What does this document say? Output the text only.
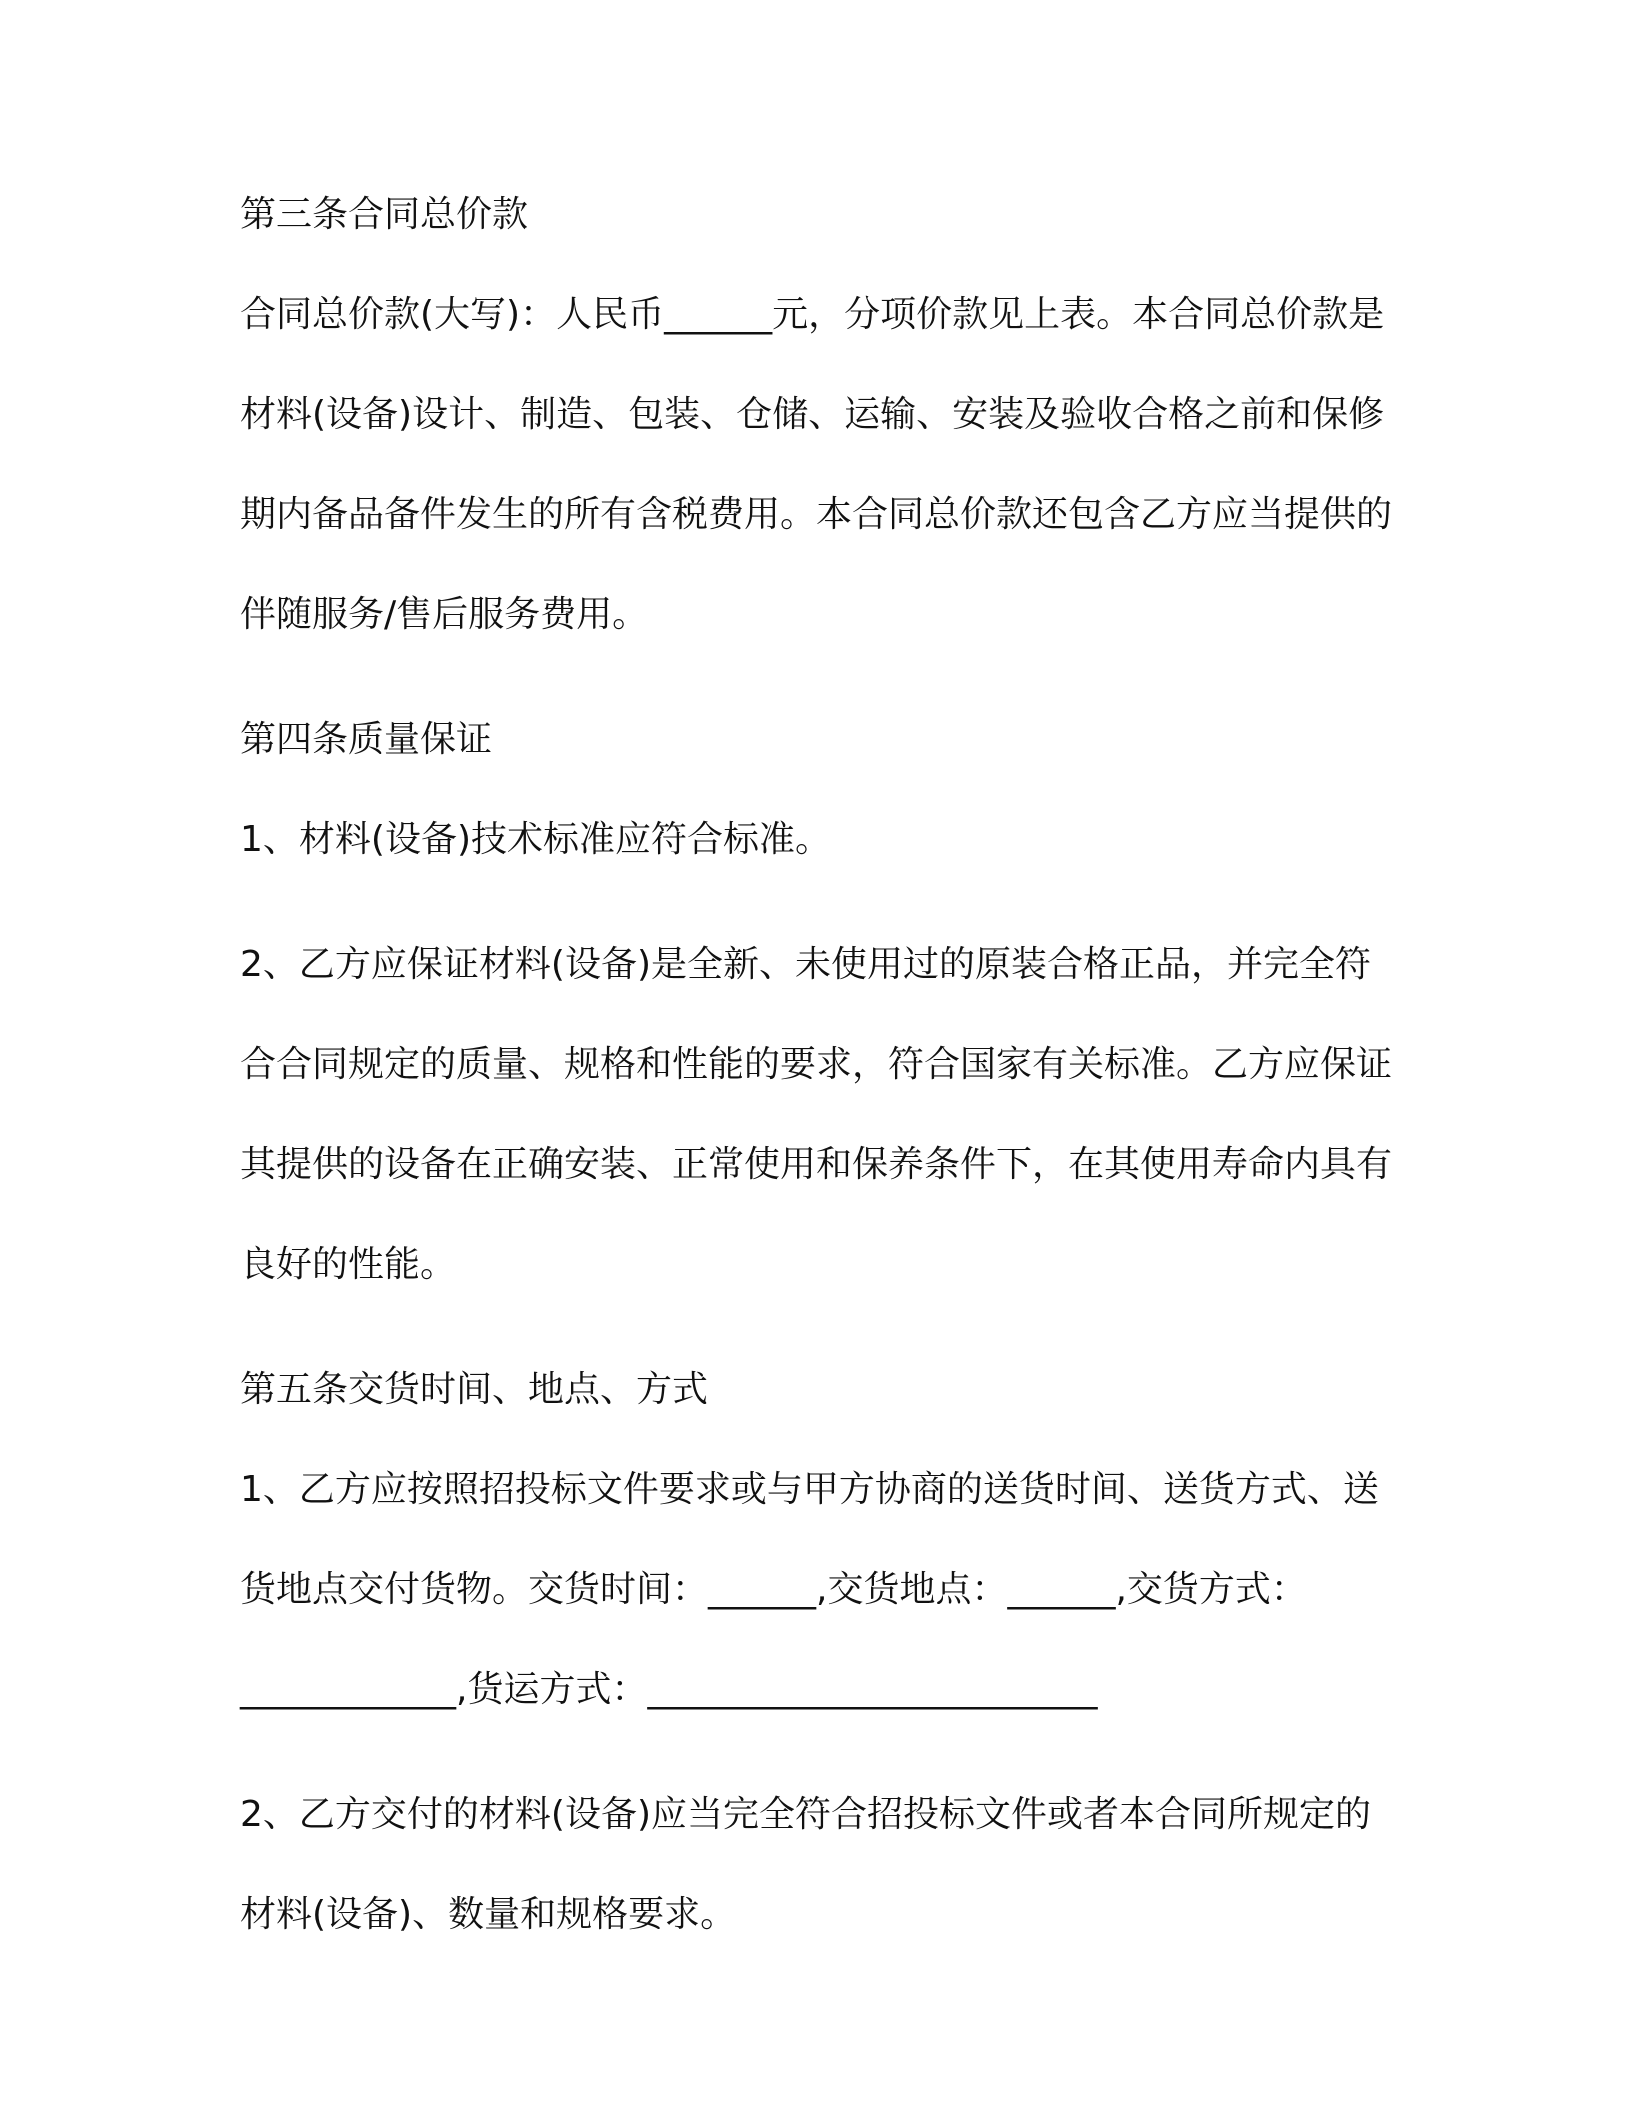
第三条合同总价款
合同总价款(大写)：人民币______元，分项价款见上表。本合同总价款是材料(设备)设计、制造、包装、仓储、运输、安装及验收合格之前和保修期内备品备件发生的所有含税费用。本合同总价款还包含乙方应当提供的伴随服务/售后服务费用。
第四条质量保证
1、材料(设备)技术标准应符合标准。
2、乙方应保证材料(设备)是全新、未使用过的原装合格正品，并完全符合合同规定的质量、规格和性能的要求，符合国家有关标准。乙方应保证其提供的设备在正确安装、正常使用和保养条件下，在其使用寿命内具有良好的性能。
第五条交货时间、地点、方式
1、乙方应按照招投标文件要求或与甲方协商的送货时间、送货方式、送货地点交付货物。交货时间：______,交货地点：______,交货方式：____________,货运方式：_________________________
2、乙方交付的材料(设备)应当完全符合招投标文件或者本合同所规定的材料(设备)、数量和规格要求。
